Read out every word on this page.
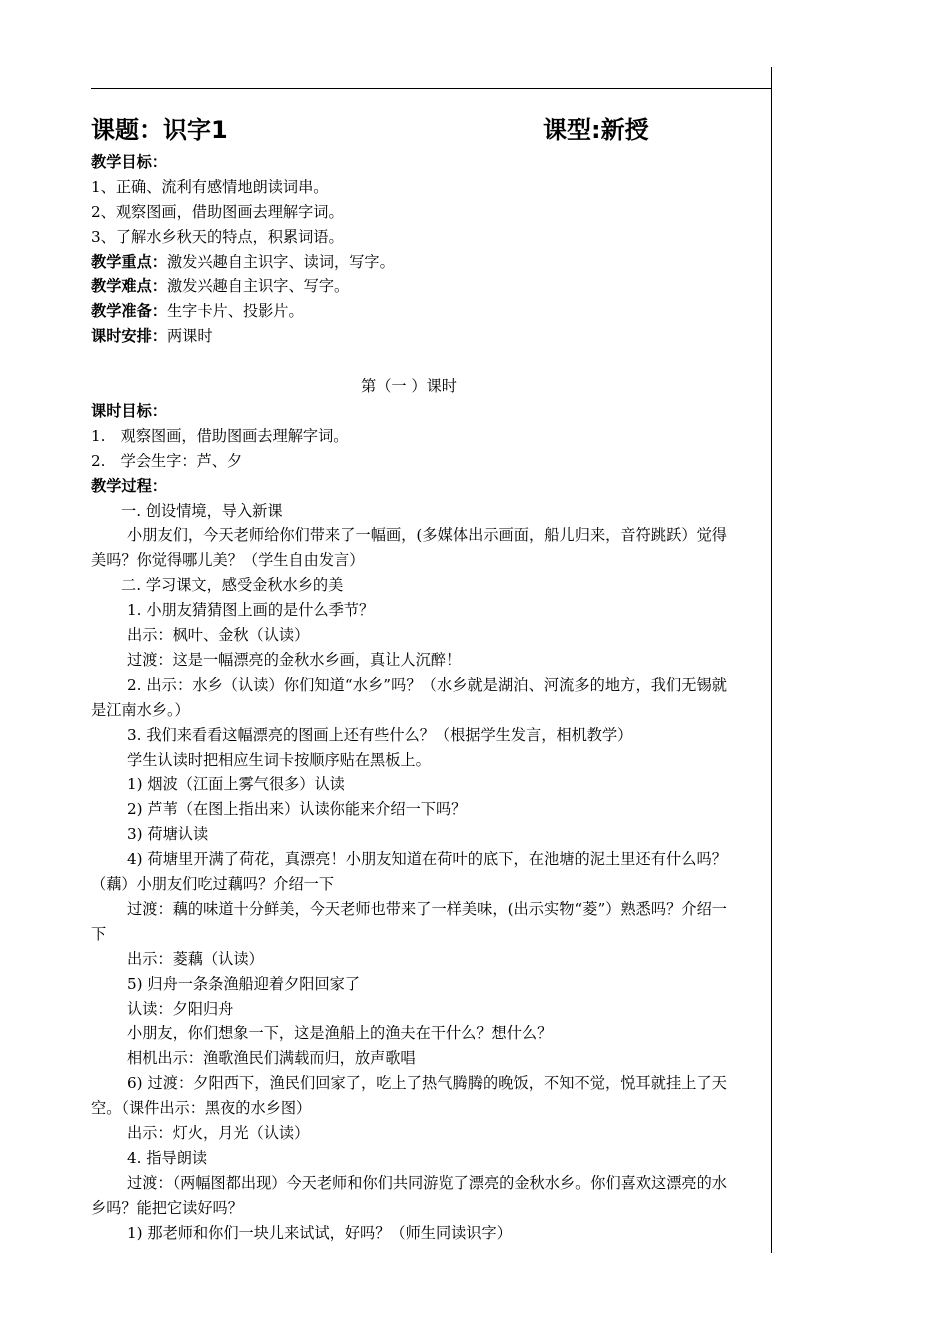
课题：识字1	课型:新授
教学目标：
1、正确、流利有感情地朗读词串。
2、观察图画，借助图画去理解字词。
3、了解水乡秋天的特点，积累词语。
教学重点：激发兴趣自主识字、读词，写字。
教学难点：激发兴趣自主识字、写字。
教学准备：生字卡片、投影片。
课时安排：两课时
第（一 ）课时
课时目标：
1.　观察图画，借助图画去理解字词。
2.　学会生字：芦、夕
教学过程：
一. 创设情境，导入新课
小朋友们，今天老师给你们带来了一幅画，(多媒体出示画面，船儿归来，音符跳跃）觉得美吗？你觉得哪儿美？（学生自由发言）
二. 学习课文，感受金秋水乡的美
1. 小朋友猜猜图上画的是什么季节？
出示：枫叶、金秋（认读）
过渡：这是一幅漂亮的金秋水乡画，真让人沉醉！
2. 出示：水乡（认读）你们知道“水乡”吗？（水乡就是湖泊、河流多的地方，我们无锡就是江南水乡。）
3. 我们来看看这幅漂亮的图画上还有些什么？（根据学生发言，相机教学）
学生认读时把相应生词卡按顺序贴在黑板上。
1) 烟波（江面上雾气很多）认读
2) 芦苇（在图上指出来）认读你能来介绍一下吗？
3) 荷塘认读
4) 荷塘里开满了荷花，真漂亮！小朋友知道在荷叶的底下，在池塘的泥土里还有什么吗？（藕）小朋友们吃过藕吗？介绍一下
过渡：藕的味道十分鲜美，今天老师也带来了一样美味，(出示实物“菱”）熟悉吗？介绍一下
出示：菱藕（认读）
5) 归舟一条条渔船迎着夕阳回家了
认读：夕阳归舟
小朋友，你们想象一下，这是渔船上的渔夫在干什么？想什么？
相机出示：渔歌渔民们满载而归，放声歌唱
6) 过渡：夕阳西下，渔民们回家了，吃上了热气腾腾的晚饭，不知不觉，悦耳就挂上了天空。（课件出示：黑夜的水乡图）
出示：灯火，月光（认读）
4. 指导朗读
过渡：（两幅图都出现）今天老师和你们共同游览了漂亮的金秋水乡。你们喜欢这漂亮的水乡吗？能把它读好吗？
1) 那老师和你们一块儿来试试，好吗？（师生同读识字）
